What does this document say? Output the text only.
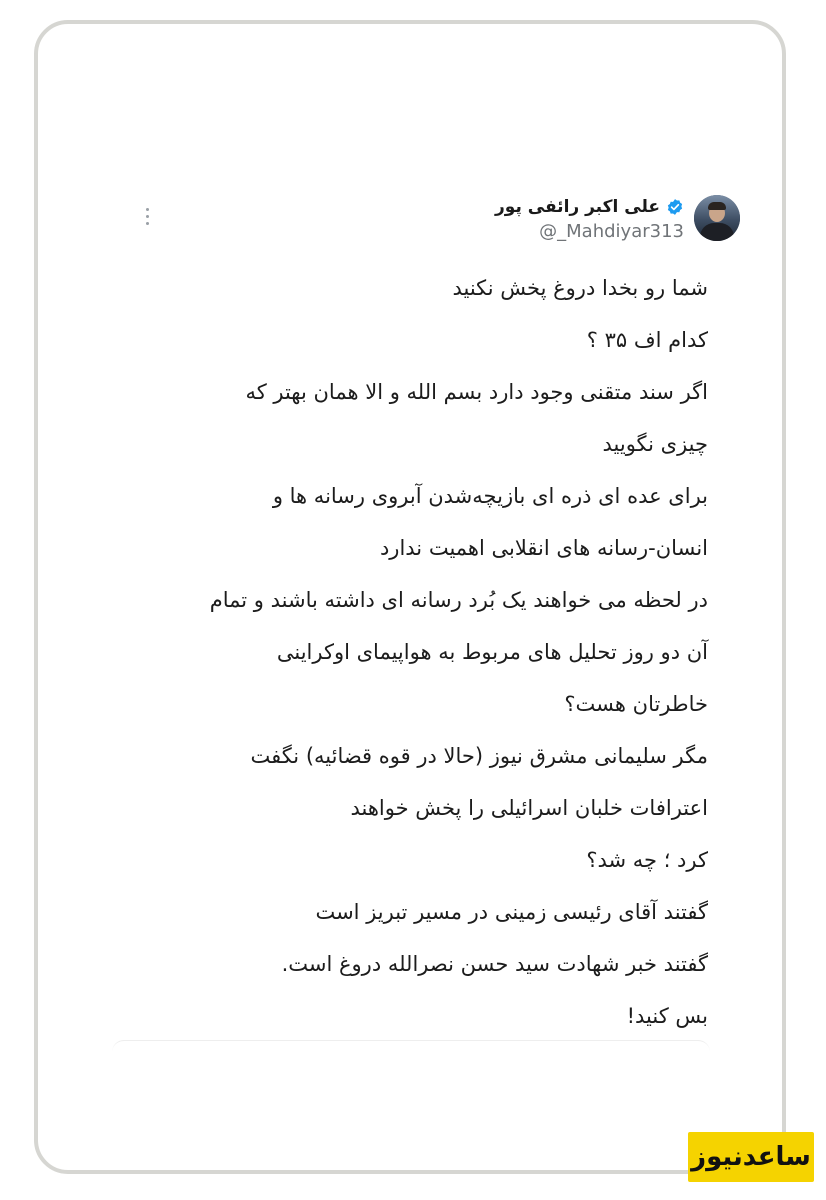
علی اکبر رائفی پور
@_Mahdiyar313
شما رو بخدا دروغ پخش نکنید
کدام اف ۳۵ ؟
اگر سند متقنی وجود دارد بسم الله و الا همان بهتر که
چیزی نگویید
برای عده ای ذره ای بازیچه‌شدن آبروی رسانه ها و
انسان-رسانه های انقلابی اهمیت ندارد
در لحظه می خواهند یک بُرد رسانه ای داشته باشند و تمام
آن دو روز تحلیل های مربوط به هواپیمای اوکراینی
خاطرتان هست؟
مگر سلیمانی مشرق نیوز (حالا در قوه قضائیه) نگفت
اعترافات خلبان اسرائیلی را پخش خواهند
کرد ؛ چه شد؟
گفتند آقای رئیسی زمینی در مسیر تبریز است
گفتند خبر شهادت سید حسن نصرالله دروغ است.
بس کنید!
ساعدنیوز
